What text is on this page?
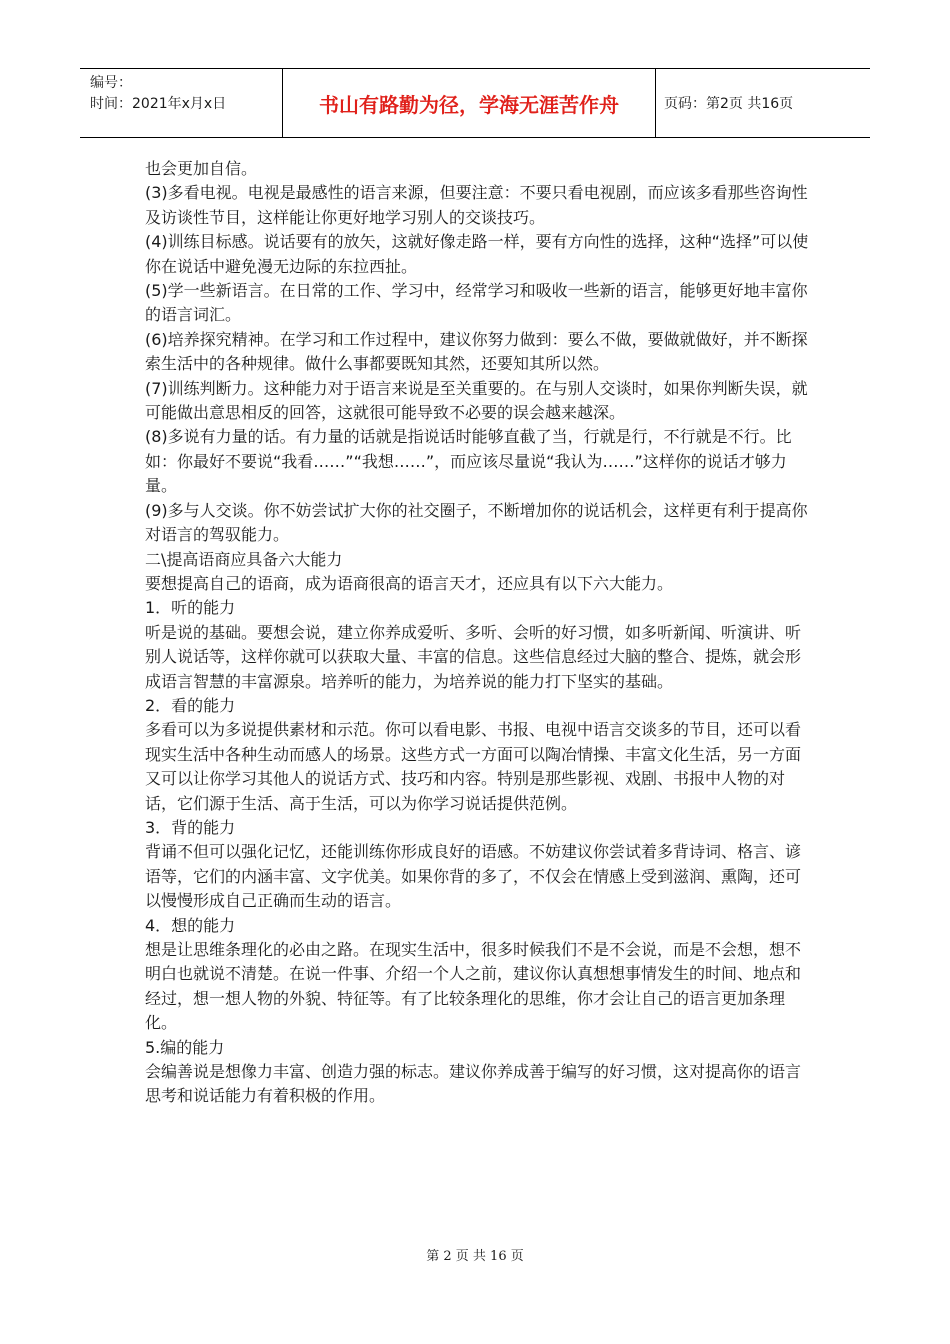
编号：
时间：2021年x月x日	书山有路勤为径，学海无涯苦作舟	页码：第2页 共16页

也会更加自信。

(3)多看电视。电视是最感性的语言来源，但要注意：不要只看电视剧，而应该多看那些咨询性及访谈性节目，这样能让你更好地学习别人的交谈技巧。

(4)训练目标感。说话要有的放矢，这就好像走路一样，要有方向性的选择，这种“选择”可以使你在说话中避免漫无边际的东拉西扯。

(5)学一些新语言。在日常的工作、学习中，经常学习和吸收一些新的语言，能够更好地丰富你的语言词汇。

(6)培养探究精神。在学习和工作过程中，建议你努力做到：要么不做，要做就做好，并不断探索生活中的各种规律。做什么事都要既知其然，还要知其所以然。

(7)训练判断力。这种能力对于语言来说是至关重要的。在与别人交谈时，如果你判断失误，就可能做出意思相反的回答，这就很可能导致不必要的误会越来越深。

(8)多说有力量的话。有力量的话就是指说话时能够直截了当，行就是行，不行就是不行。比如：你最好不要说“我看……”“我想……”，而应该尽量说“我认为……”这样你的说话才够力量。

(9)多与人交谈。你不妨尝试扩大你的社交圈子，不断增加你的说话机会，这样更有利于提高你对语言的驾驭能力。

二\提高语商应具备六大能力

要想提高自己的语商，成为语商很高的语言天才，还应具有以下六大能力。

1．听的能力

听是说的基础。要想会说，建立你养成爱听、多听、会听的好习惯，如多听新闻、听演讲、听别人说话等，这样你就可以获取大量、丰富的信息。这些信息经过大脑的整合、提炼，就会形成语言智慧的丰富源泉。培养听的能力，为培养说的能力打下坚实的基础。

2．看的能力

多看可以为多说提供素材和示范。你可以看电影、书报、电视中语言交谈多的节目，还可以看现实生活中各种生动而感人的场景。这些方式一方面可以陶冶情操、丰富文化生活，另一方面又可以让你学习其他人的说话方式、技巧和内容。特别是那些影视、戏剧、书报中人物的对话，它们源于生活、高于生活，可以为你学习说话提供范例。

3．背的能力

背诵不但可以强化记忆，还能训练你形成良好的语感。不妨建议你尝试着多背诗词、格言、谚语等，它们的内涵丰富、文字优美。如果你背的多了，不仅会在情感上受到滋润、熏陶，还可以慢慢形成自己正确而生动的语言。

4．想的能力

想是让思维条理化的必由之路。在现实生活中，很多时候我们不是不会说，而是不会想，想不明白也就说不清楚。在说一件事、介绍一个人之前，建议你认真想想事情发生的时间、地点和经过，想一想人物的外貌、特征等。有了比较条理化的思维，你才会让自己的语言更加条理化。

5.编的能力

会编善说是想像力丰富、创造力强的标志。建议你养成善于编写的好习惯，这对提高你的语言思考和说话能力有着积极的作用。

第 2 页 共 16 页
